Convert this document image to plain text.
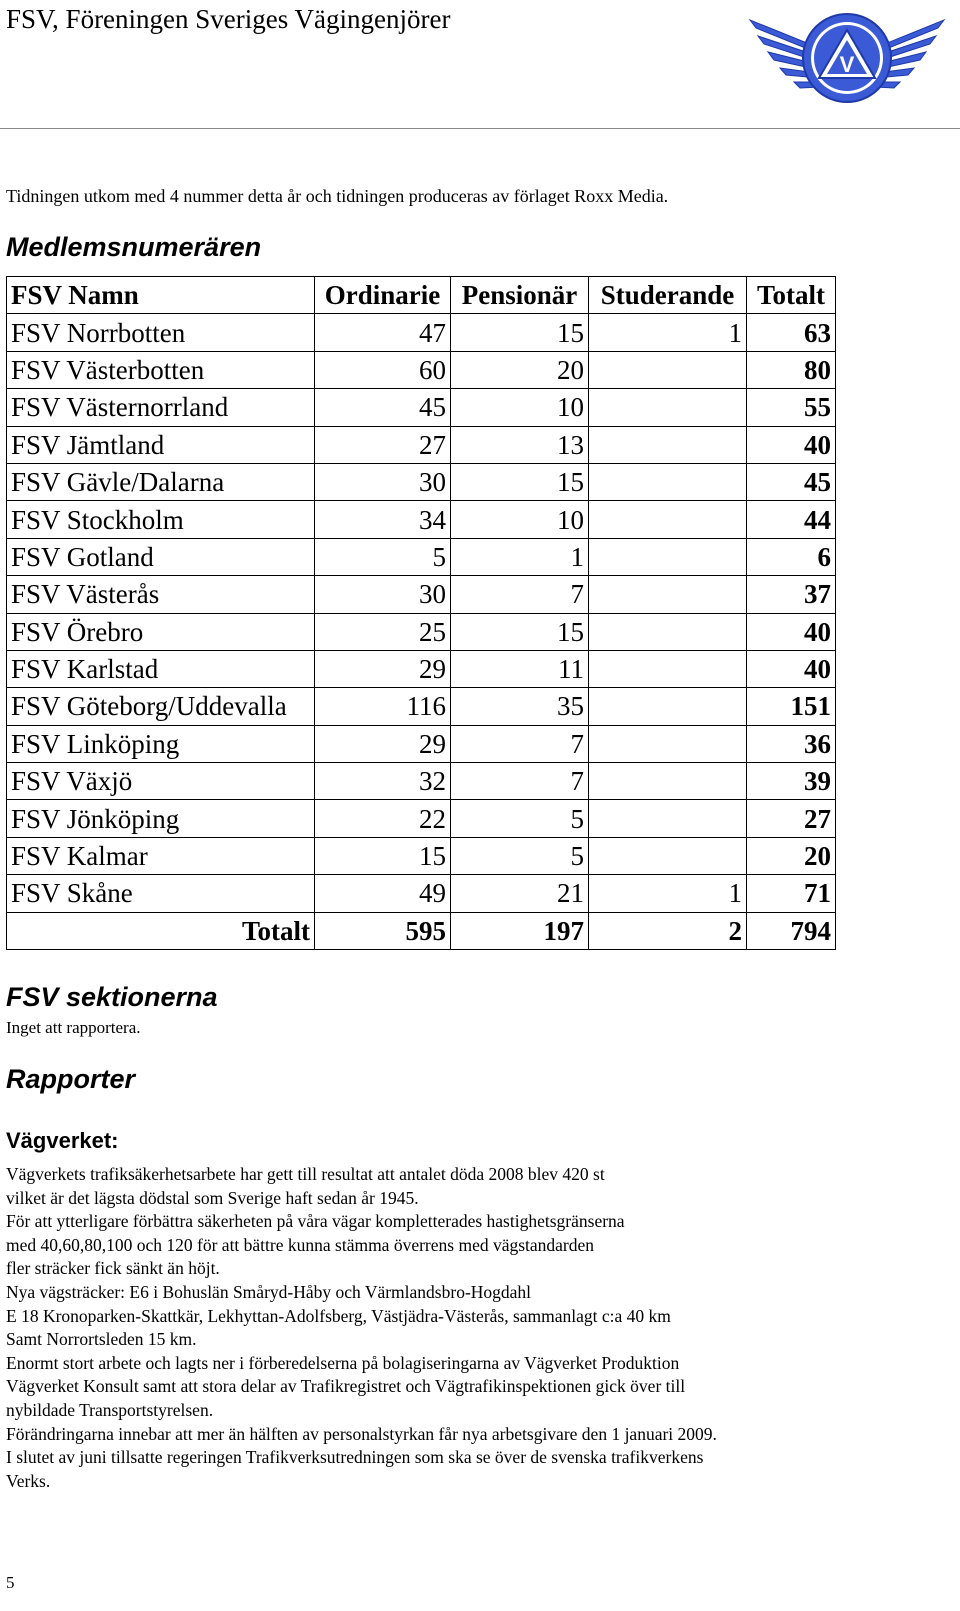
FSV, Föreningen Sveriges Vägingenjörer
V
Tidningen utkom med 4 nummer detta år och tidningen produceras av förlaget Roxx Media.
Medlemsnumerären
FSV Namn	Ordinarie	Pensionär	Studerande	Totalt
FSV Norrbotten	47	15	1	63
FSV Västerbotten	60	20		80
FSV Västernorrland	45	10		55
FSV Jämtland	27	13		40
FSV Gävle/Dalarna	30	15		45
FSV Stockholm	34	10		44
FSV Gotland	5	1		6
FSV Västerås	30	7		37
FSV Örebro	25	15		40
FSV Karlstad	29	11		40
FSV Göteborg/Uddevalla	116	35		151
FSV Linköping	29	7		36
FSV Växjö	32	7		39
FSV Jönköping	22	5		27
FSV Kalmar	15	5		20
FSV Skåne	49	21	1	71
Totalt	595	197	2	794
FSV sektionerna
Inget att rapportera.
Rapporter
Vägverket:
Vägverkets trafiksäkerhetsarbete har gett till resultat att antalet döda 2008 blev 420 st
vilket är det lägsta dödstal som Sverige haft sedan år 1945.
För att ytterligare förbättra säkerheten på våra vägar kompletterades hastighetsgränserna
med 40,60,80,100 och 120 för att bättre kunna stämma överrens med vägstandarden
fler sträcker fick sänkt än höjt.
Nya vägsträcker: E6 i Bohuslän Småryd-Håby och Värmlandsbro-Hogdahl
E 18 Kronoparken-Skattkär, Lekhyttan-Adolfsberg, Västjädra-Västerås, sammanlagt c:a 40 km
Samt Norrortsleden 15 km.
Enormt stort arbete och lagts ner i förberedelserna på bolagiseringarna av Vägverket Produktion
Vägverket Konsult samt att stora delar av Trafikregistret och Vägtrafikinspektionen gick över till
nybildade Transportstyrelsen.
Förändringarna innebar att mer än hälften av personalstyrkan får nya arbetsgivare den 1 januari 2009.
I slutet av juni tillsatte regeringen Trafikverksutredningen som ska se över de svenska trafikverkens
Verks.
5
